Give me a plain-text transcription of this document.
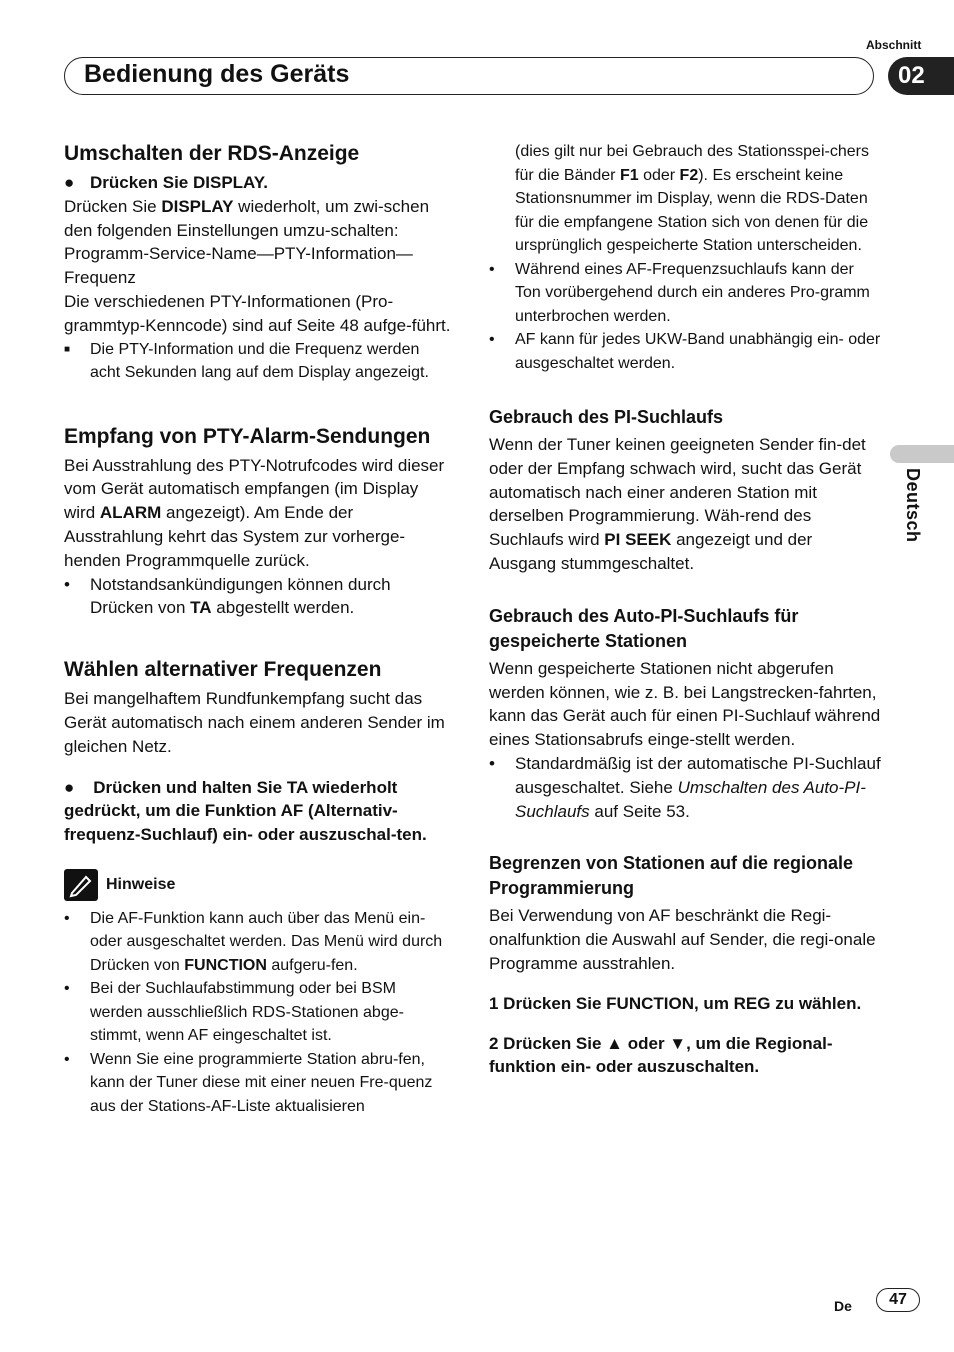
Abschnitt
Bedienung des Geräts	02
Deutsch
Umschalten der RDS-Anzeige

● Drücken Sie DISPLAY.

Drücken Sie DISPLAY wiederholt, um zwi-schen den folgenden Einstellungen umzu-schalten:

Programm-Service-Name—PTY-Information—Frequenz

Die verschiedenen PTY-Informationen (Pro-grammtyp-Kenncode) sind auf Seite 48 aufge-führt.

■ Die PTY-Information und die Frequenz werden acht Sekunden lang auf dem Display angezeigt.

Empfang von PTY-Alarm-Sendungen

Bei Ausstrahlung des PTY-Notrufcodes wird dieser vom Gerät automatisch empfangen (im Display wird ALARM angezeigt). Am Ende der Ausstrahlung kehrt das System zur vorherge-henden Programmquelle zurück.

• Notstandsankündigungen können durch Drücken von TA abgestellt werden.

Wählen alternativer Frequenzen

Bei mangelhaftem Rundfunkempfang sucht das Gerät automatisch nach einem anderen Sender im gleichen Netz.

● Drücken und halten Sie TA wiederholt gedrückt, um die Funktion AF (Alternativ-frequenz-Suchlauf) ein- oder auszuschal-ten.

Hinweise

• Die AF-Funktion kann auch über das Menü ein- oder ausgeschaltet werden. Das Menü wird durch Drücken von FUNCTION aufgeru-fen.

• Bei der Suchlaufabstimmung oder bei BSM werden ausschließlich RDS-Stationen abge-stimmt, wenn AF eingeschaltet ist.

• Wenn Sie eine programmierte Station abru-fen, kann der Tuner diese mit einer neuen Fre-quenz aus der Stations-AF-Liste aktualisieren

(dies gilt nur bei Gebrauch des Stationsspei-chers für die Bänder F1 oder F2). Es erscheint keine Stationsnummer im Display, wenn die RDS-Daten für die empfangene Station sich von denen für die ursprünglich gespeicherte Station unterscheiden.

• Während eines AF-Frequenzsuchlaufs kann der Ton vorübergehend durch ein anderes Pro-gramm unterbrochen werden.

• AF kann für jedes UKW-Band unabhängig ein- oder ausgeschaltet werden.

Gebrauch des PI-Suchlaufs

Wenn der Tuner keinen geeigneten Sender fin-det oder der Empfang schwach wird, sucht das Gerät automatisch nach einer anderen Station mit derselben Programmierung. Wäh-rend des Suchlaufs wird PI SEEK angezeigt und der Ausgang stummgeschaltet.

Gebrauch des Auto-PI-Suchlaufs für gespeicherte Stationen

Wenn gespeicherte Stationen nicht abgerufen werden können, wie z. B. bei Langstrecken-fahrten, kann das Gerät auch für einen PI-Suchlauf während eines Stationsabrufs einge-stellt werden.

• Standardmäßig ist der automatische PI-Suchlauf ausgeschaltet. Siehe Umschalten des Auto-PI-Suchlaufs auf Seite 53.

Begrenzen von Stationen auf die regionale Programmierung

Bei Verwendung von AF beschränkt die Regi-onalfunktion die Auswahl auf Sender, die regi-onale Programme ausstrahlen.

1 Drücken Sie FUNCTION, um REG zu wählen.

2 Drücken Sie ▲ oder ▼, um die Regional-funktion ein- oder auszuschalten.

De	47
